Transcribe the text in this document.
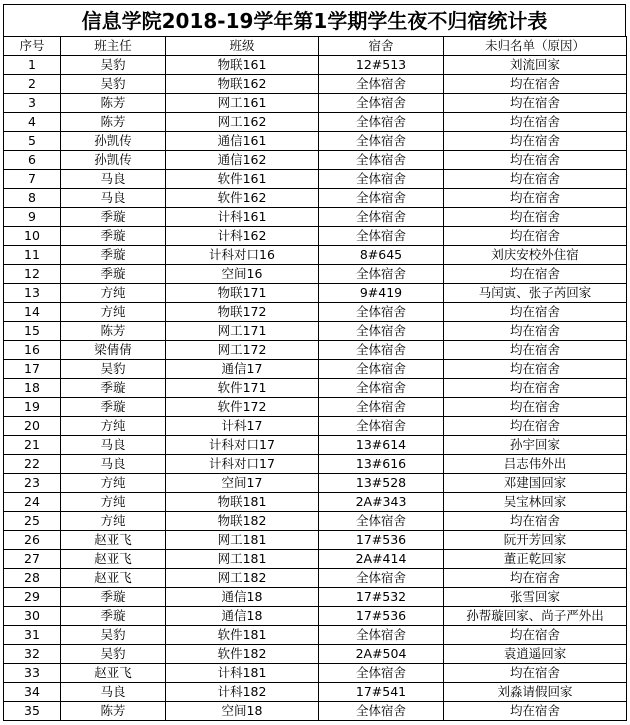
信息学院2018-19学年第1学期学生夜不归宿统计表
序号	班主任	班级	宿舍	未归名单（原因）
1	吴豹	物联161	12#513	刘流回家
2	吴豹	物联162	全体宿舍	均在宿舍
3	陈芳	网工161	全体宿舍	均在宿舍
4	陈芳	网工162	全体宿舍	均在宿舍
5	孙凯传	通信161	全体宿舍	均在宿舍
6	孙凯传	通信162	全体宿舍	均在宿舍
7	马良	软件161	全体宿舍	均在宿舍
8	马良	软件162	全体宿舍	均在宿舍
9	季璇	计科161	全体宿舍	均在宿舍
10	季璇	计科162	全体宿舍	均在宿舍
11	季璇	计科对口16	8#645	刘庆安校外住宿
12	季璇	空间16	全体宿舍	均在宿舍
13	方纯	物联171	9#419	马闰寅、张子芮回家
14	方纯	物联172	全体宿舍	均在宿舍
15	陈芳	网工171	全体宿舍	均在宿舍
16	梁倩倩	网工172	全体宿舍	均在宿舍
17	吴豹	通信17	全体宿舍	均在宿舍
18	季璇	软件171	全体宿舍	均在宿舍
19	季璇	软件172	全体宿舍	均在宿舍
20	方纯	计科17	全体宿舍	均在宿舍
21	马良	计科对口17	13#614	孙宇回家
22	马良	计科对口17	13#616	吕志伟外出
23	方纯	空间17	13#528	邓建国回家
24	方纯	物联181	2A#343	吴宝林回家
25	方纯	物联182	全体宿舍	均在宿舍
26	赵亚飞	网工181	17#536	阮开芳回家
27	赵亚飞	网工181	2A#414	董正乾回家
28	赵亚飞	网工182	全体宿舍	均在宿舍
29	季璇	通信18	17#532	张雪回家
30	季璇	通信18	17#536	孙帮璇回家、尚子严外出
31	吴豹	软件181	全体宿舍	均在宿舍
32	吴豹	软件182	2A#504	袁逍遥回家
33	赵亚飞	计科181	全体宿舍	均在宿舍
34	马良	计科182	17#541	刘淼请假回家
35	陈芳	空间18	全体宿舍	均在宿舍
